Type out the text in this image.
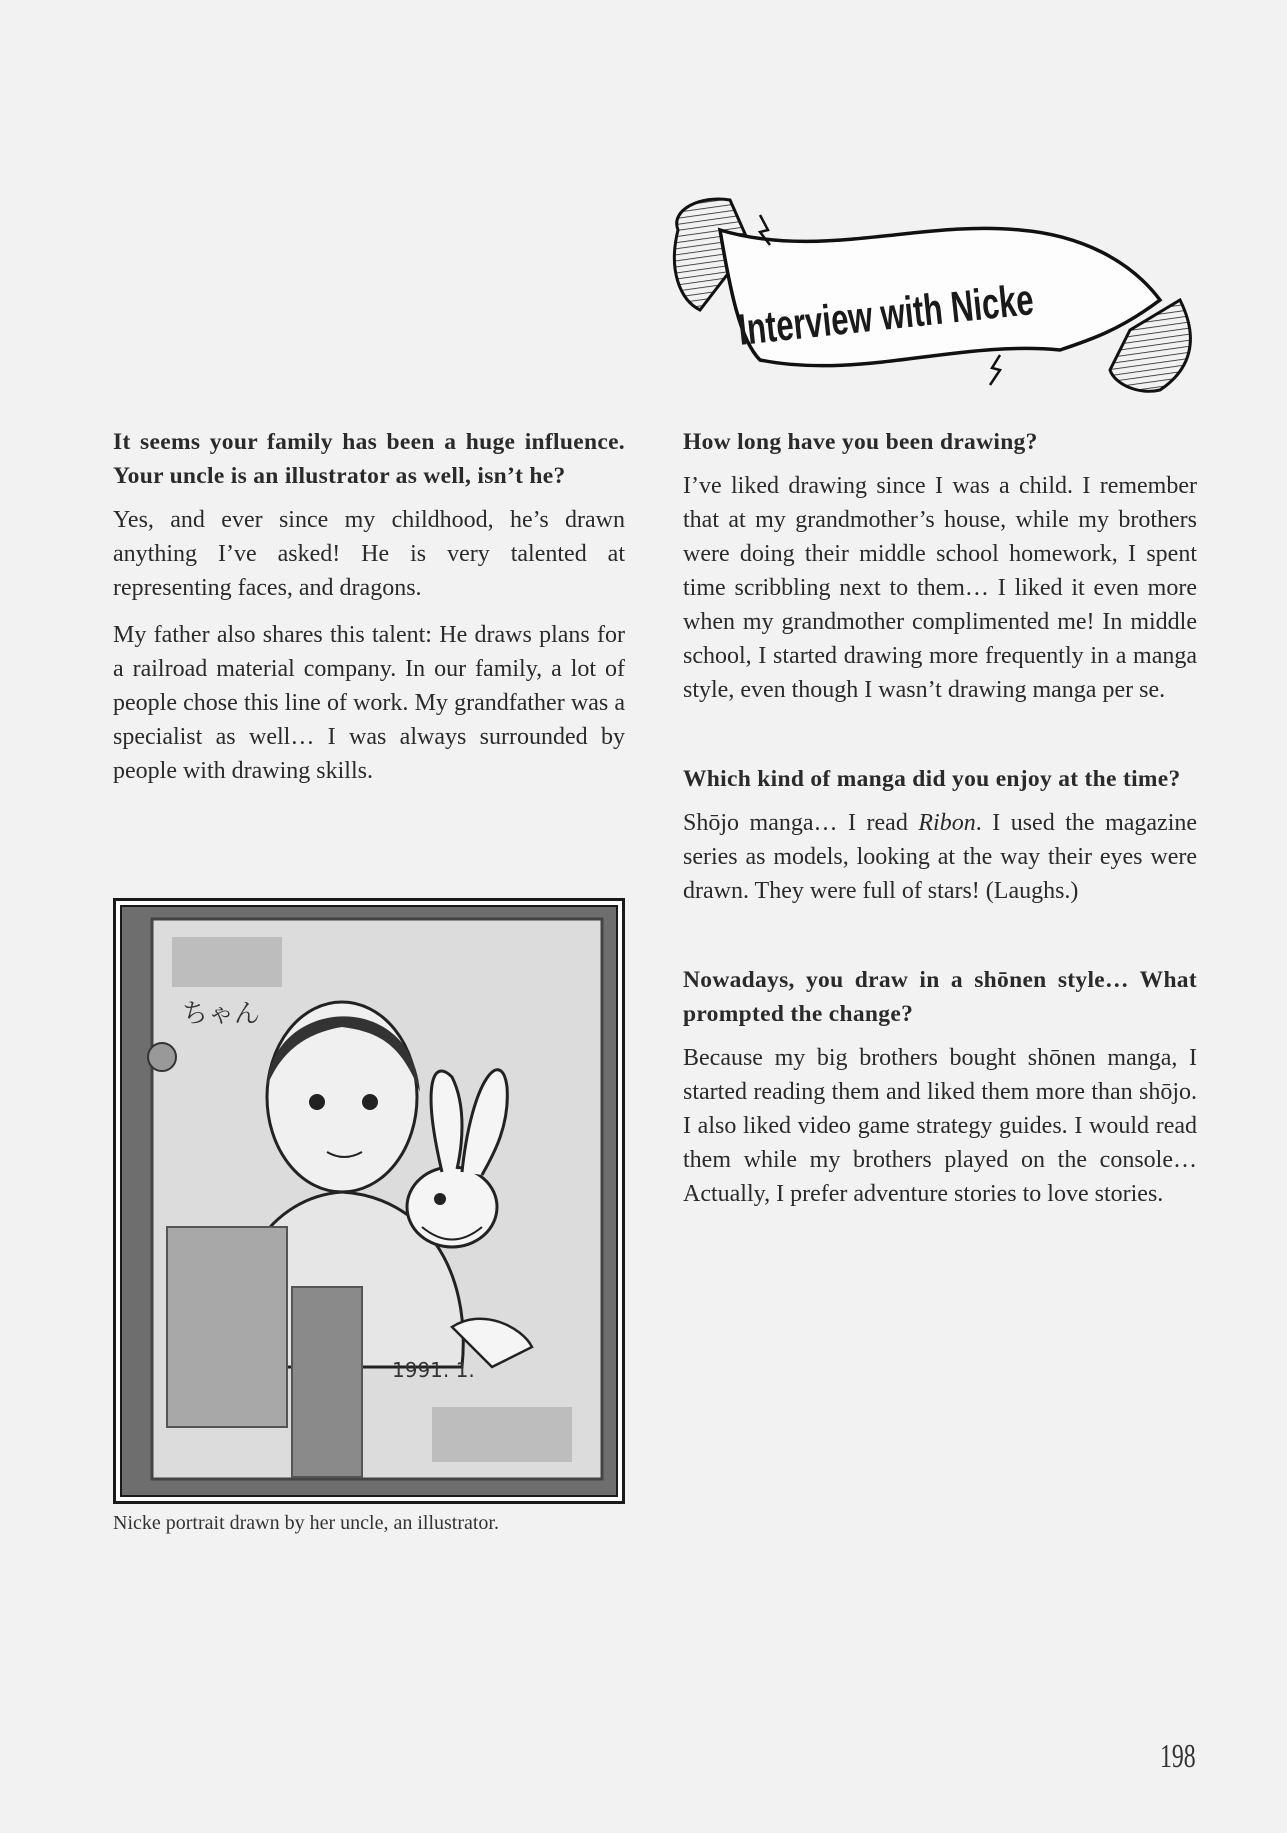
Interview with Nicke

It seems your family has been a huge influence. Your uncle is an illustrator as well, isn’t he?

Yes, and ever since my childhood, he’s drawn anything I’ve asked! He is very talented at representing faces, and dragons.

My father also shares this talent: He draws plans for a railroad material company. In our family, a lot of people chose this line of work. My grandfather was a specialist as well… I was always surrounded by people with drawing skills.

ちゃん
1991. 1.
Nicke portrait drawn by her uncle, an illustrator.

How long have you been drawing?

I’ve liked drawing since I was a child. I remember that at my grandmother’s house, while my brothers were doing their middle school homework, I spent time scribbling next to them… I liked it even more when my grandmother complimented me! In middle school, I started drawing more frequently in a manga style, even though I wasn’t drawing manga per se.

Which kind of manga did you enjoy at the time?

Shōjo manga… I read Ribon. I used the magazine series as models, looking at the way their eyes were drawn. They were full of stars! (Laughs.)

Nowadays, you draw in a shōnen style… What prompted the change?

Because my big brothers bought shōnen manga, I started reading them and liked them more than shōjo. I also liked video game strategy guides. I would read them while my brothers played on the console… Actually, I prefer adventure stories to love stories.

198
